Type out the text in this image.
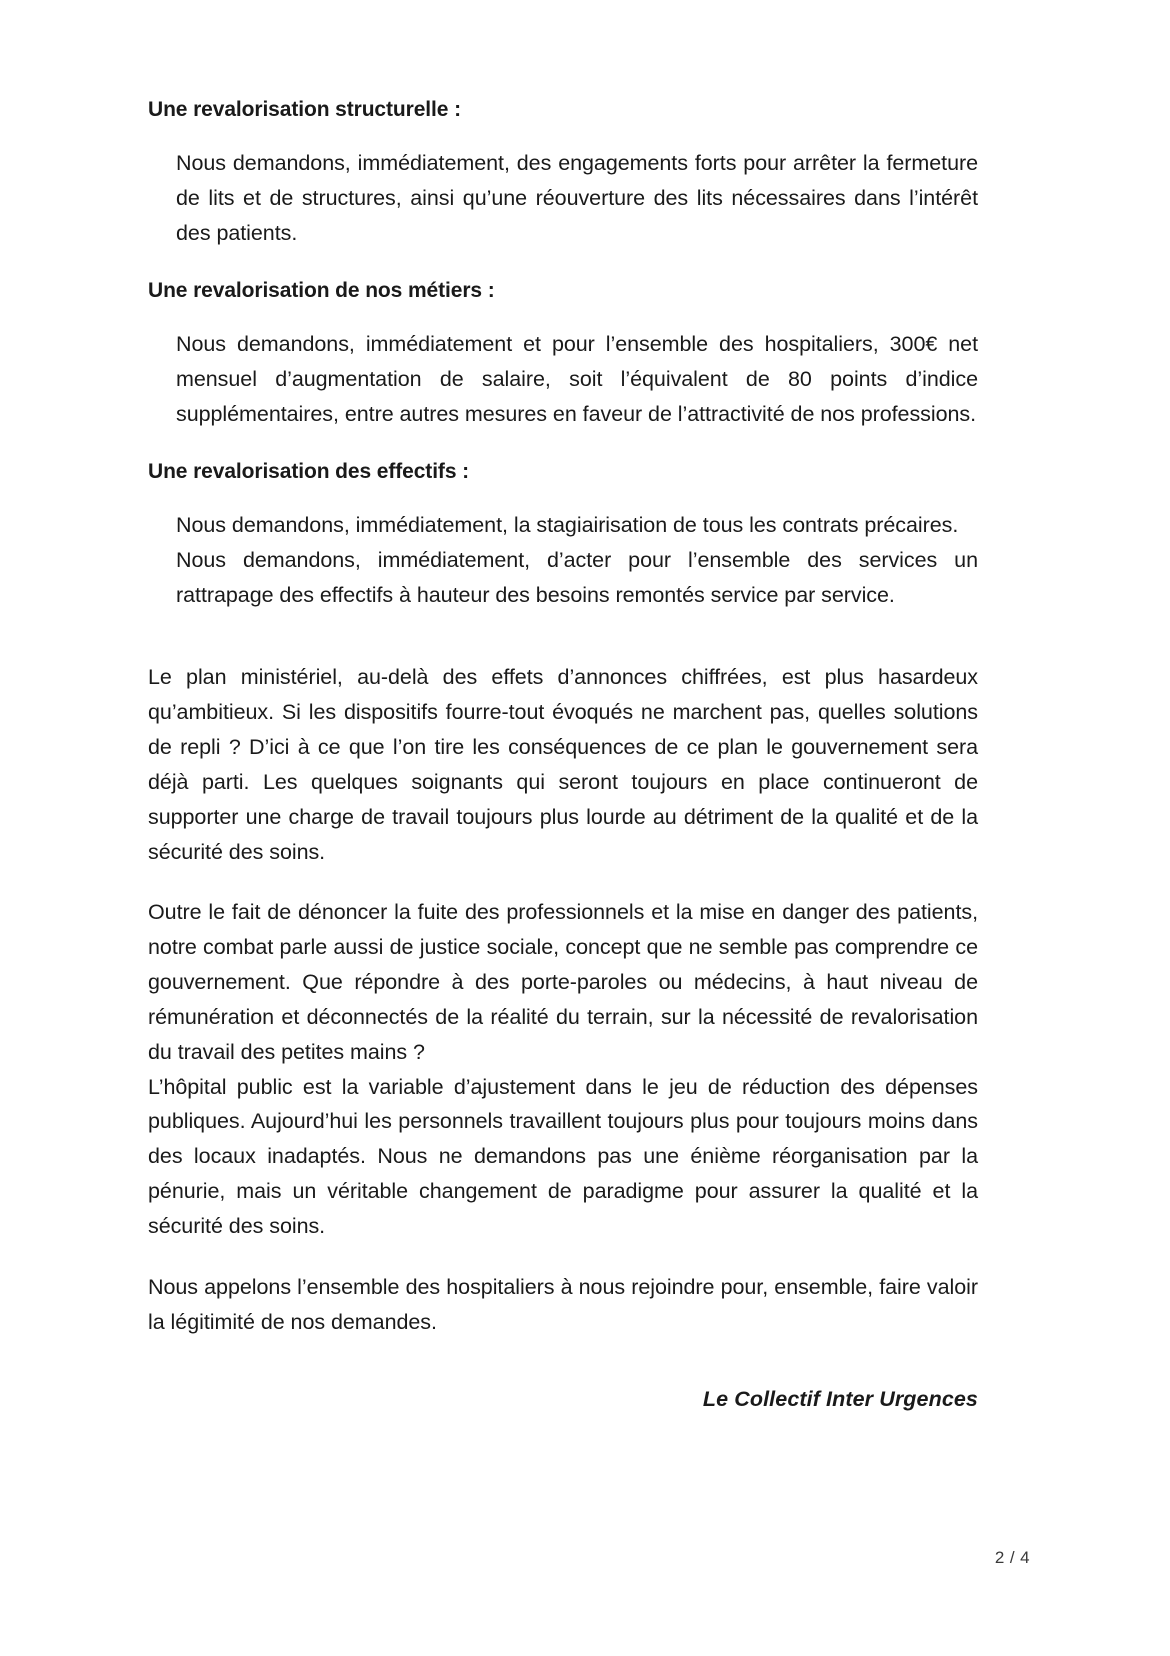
Une revalorisation structurelle :

Nous demandons, immédiatement, des engagements forts pour arrêter la fermeture de lits et de structures, ainsi qu’une réouverture des lits nécessaires dans l’intérêt des patients.

Une revalorisation de nos métiers :

Nous demandons, immédiatement et pour l’ensemble des hospitaliers, 300€ net mensuel d’augmentation de salaire, soit l’équivalent de 80 points d’indice supplémentaires, entre autres mesures en faveur de l’attractivité de nos professions.

Une revalorisation des effectifs :

Nous demandons, immédiatement, la stagiairisation de tous les contrats précaires.

Nous demandons, immédiatement, d’acter pour l’ensemble des services un rattrapage des effectifs à hauteur des besoins remontés service par service.

Le plan ministériel, au-delà des effets d’annonces chiffrées, est plus hasardeux qu’ambitieux. Si les dispositifs fourre-tout évoqués ne marchent pas, quelles solutions de repli ? D’ici à ce que l’on tire les conséquences de ce plan le gouvernement sera déjà parti. Les quelques soignants qui seront toujours en place continueront de supporter une charge de travail toujours plus lourde au détriment de la qualité et de la sécurité des soins.

Outre le fait de dénoncer la fuite des professionnels et la mise en danger des patients, notre combat parle aussi de justice sociale, concept que ne semble pas comprendre ce gouvernement. Que répondre à des porte-paroles ou médecins, à haut niveau de rémunération et déconnectés de la réalité du terrain, sur la nécessité de revalorisation du travail des petites mains ?

L’hôpital public est la variable d’ajustement dans le jeu de réduction des dépenses publiques. Aujourd’hui les personnels travaillent toujours plus pour toujours moins dans des locaux inadaptés. Nous ne demandons pas une énième réorganisation par la pénurie, mais un véritable changement de paradigme pour assurer la qualité et la sécurité des soins.

Nous appelons l’ensemble des hospitaliers à nous rejoindre pour, ensemble, faire valoir la légitimité de nos demandes.

Le Collectif Inter Urgences
2 / 4
